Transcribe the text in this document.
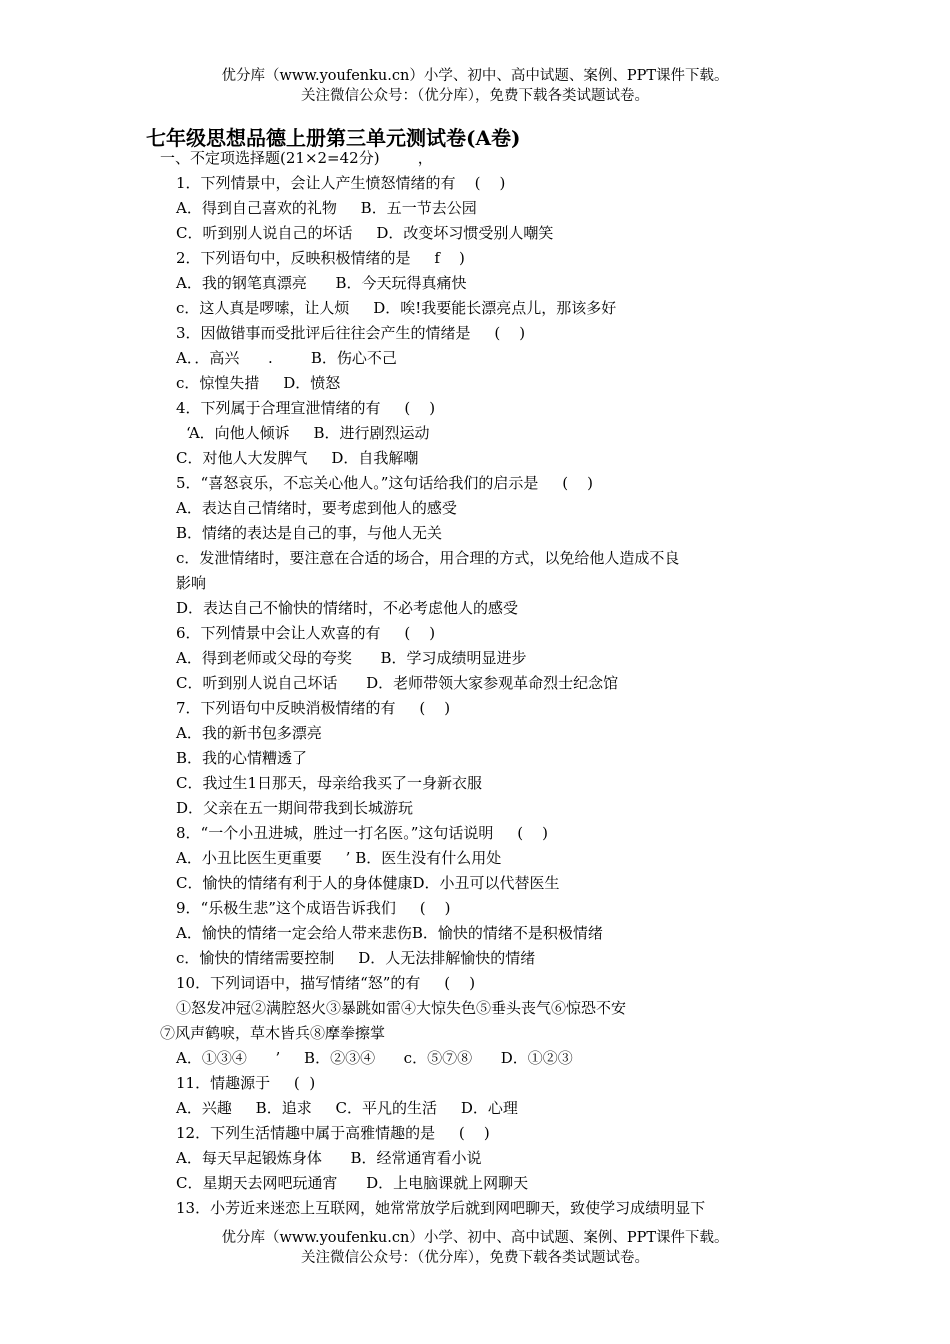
优分库（www.youfenku.cn）小学、初中、高中试题、案例、PPT课件下载。
关注微信公众号：（优分库），免费下载各类试题试卷。
七年级思想品德上册第三单元测试卷(A卷)
一、不定项选择题(21×2=42分)        ，
1．下列情景中，会让人产生愤怒情绪的有    (    )
A．得到自己喜欢的礼物     B．五一节去公园
C．听到别人说自己的坏话     D．改变坏习惯受别人嘲笑
2．下列语句中，反映积极情绪的是     f    )
A．我的钢笔真漂亮      B．今天玩得真痛快
c．这人真是啰嗦，让人烦     D．唉!我要能长漂亮点儿，那该多好
3．因做错事而受批评后往往会产生的情绪是     (    )
A．．高兴      .        B．伤心不己
c．惊惶失措     D．愤怒
4．下列属于合理宣泄情绪的有     (    )
‘A．向他人倾诉     B．进行剧烈运动
C．对他人大发脾气     D．自我解嘲
5．“喜怒哀乐，不忘关心他人。”这句话给我们的启示是     (    )
A．表达自己情绪时，要考虑到他人的感受
B．情绪的表达是自己的事，与他人无关
c．发泄情绪时，要注意在合适的场合，用合理的方式，以免给他人造成不良
影响
D．表达自己不愉快的情绪时，不必考虑他人的感受
6．下列情景中会让人欢喜的有     (    )
A．得到老师或父母的夸奖      B．学习成绩明显进步
C．听到别人说自己坏话      D．老师带领大家参观革命烈士纪念馆
7．下列语句中反映消极情绪的有     (    )
A．我的新书包多漂亮
B．我的心情糟透了
C．我过生1日那天，母亲给我买了一身新衣服
D．父亲在五一期间带我到长城游玩
8．“一个小丑进城，胜过一打名医。”这句话说明     (    )
A．小丑比医生更重要     ’ B．医生没有什么用处
C．愉快的情绪有利于人的身体健康D．小丑可以代替医生
9．“乐极生悲”这个成语告诉我们     (    )
A．愉快的情绪一定会给人带来悲伤B．愉快的情绪不是积极情绪
c．愉快的情绪需要控制     D．人无法排解愉快的情绪
10．下列词语中，描写情绪“怒”的有     (    )
①怒发冲冠②满腔怒火③暴跳如雷④大惊失色⑤垂头丧气⑥惊恐不安
⑦风声鹤唳，草木皆兵⑧摩拳擦掌
A．①③④      ’     B．②③④      c．⑤⑦⑧      D．①②③
11．情趣源于     (  )
A．兴趣     B．追求     C．平凡的生活     D．心理
12．下列生活情趣中属于高雅情趣的是     (    )
A．每天早起锻炼身体      B．经常通宵看小说
C．星期天去网吧玩通宵      D．上电脑课就上网聊天
13．小芳近来迷恋上互联网，她常常放学后就到网吧聊天，致使学习成绩明显下
优分库（www.youfenku.cn）小学、初中、高中试题、案例、PPT课件下载。
关注微信公众号：（优分库），免费下载各类试题试卷。
